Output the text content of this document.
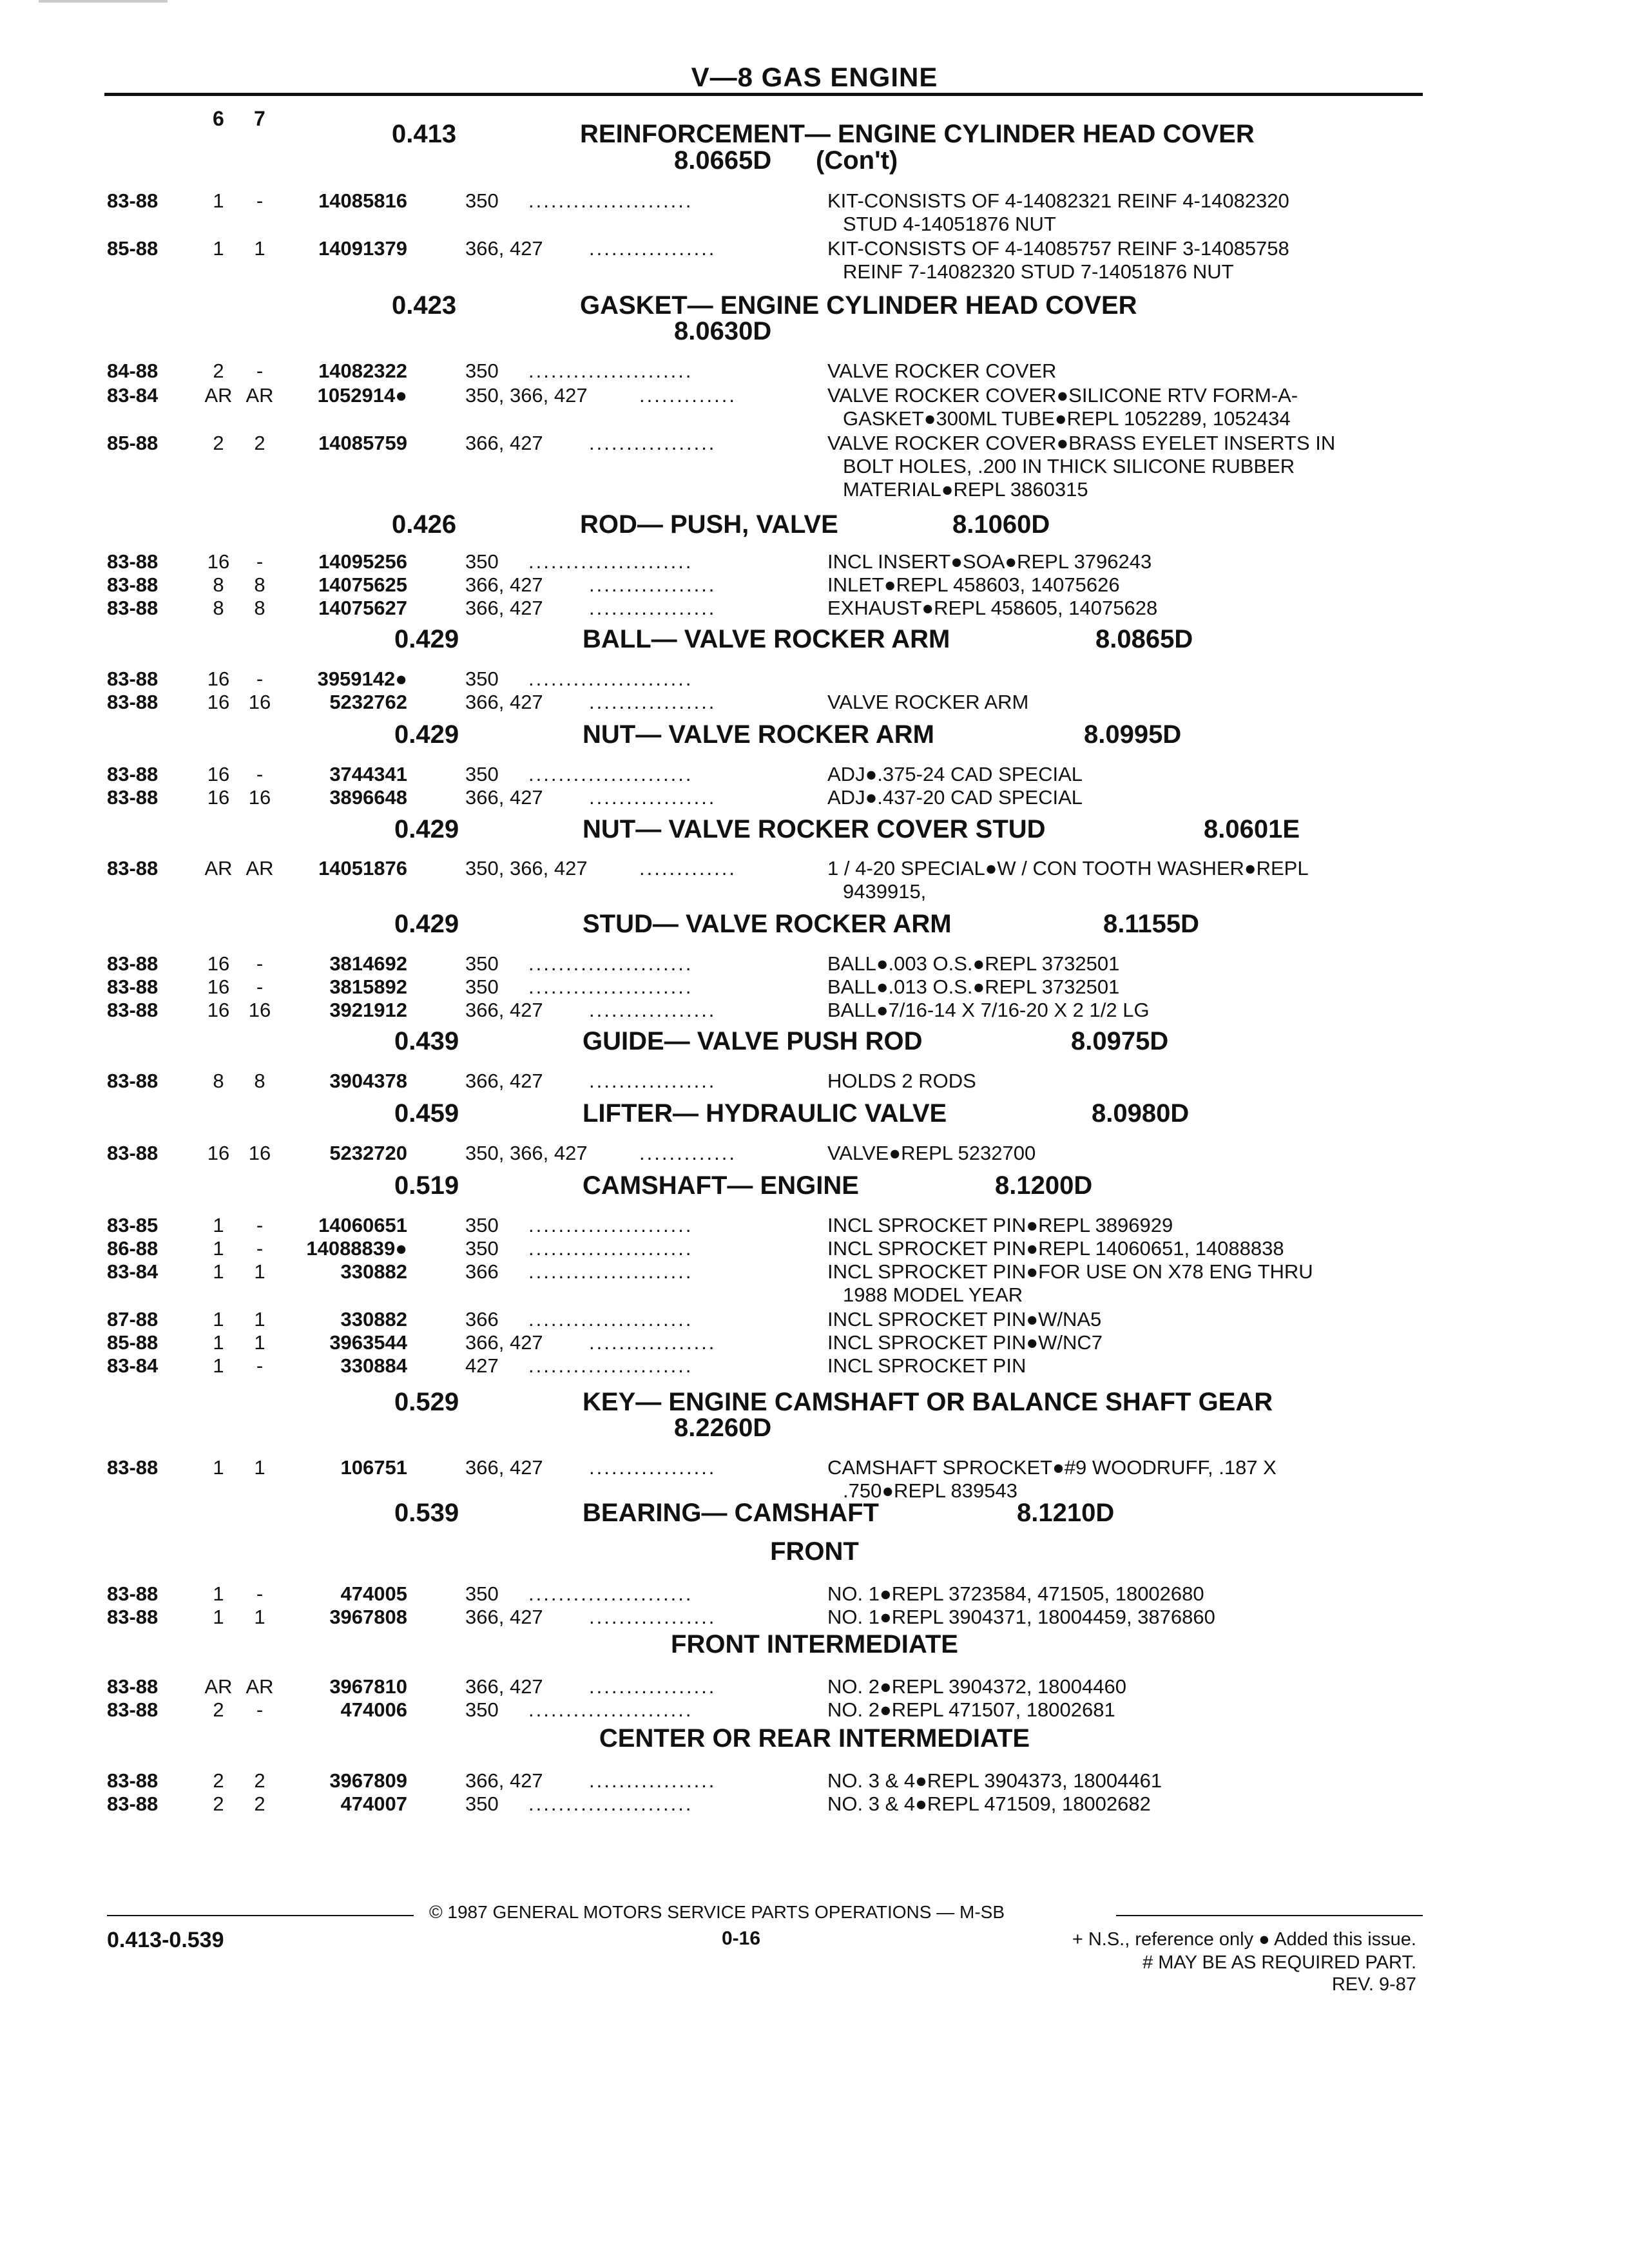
V—8 GAS ENGINE
6 7
0.413	REINFORCEMENT— ENGINE CYLINDER HEAD COVER
8.0665D (Con't)
0.423	GASKET— ENGINE CYLINDER HEAD COVER
8.0630D
0.426	ROD— PUSH, VALVE	8.1060D
0.429	BALL— VALVE ROCKER ARM	8.0865D
0.429	NUT— VALVE ROCKER ARM	8.0995D
0.429	NUT— VALVE ROCKER COVER STUD	8.0601E
0.429	STUD— VALVE ROCKER ARM	8.1155D
0.439	GUIDE— VALVE PUSH ROD	8.0975D
0.459	LIFTER— HYDRAULIC VALVE	8.0980D
0.519	CAMSHAFT— ENGINE	8.1200D
0.529	KEY— ENGINE CAMSHAFT OR BALANCE SHAFT GEAR
8.2260D
0.539	BEARING— CAMSHAFT	8.1210D
FRONT
FRONT INTERMEDIATE
CENTER OR REAR INTERMEDIATE
83-88	1	-	14085816	350 ......................	KIT-CONSISTS OF 4-14082321 REINF 4-14082320
STUD 4-14051876 NUT
85-88	1	1	14091379	366, 427 .................	KIT-CONSISTS OF 4-14085757 REINF 3-14085758
REINF 7-14082320 STUD 7-14051876 NUT
84-88	2	-	14082322	350 ......................	VALVE ROCKER COVER
83-84 AR AR	1052914●	350, 366, 427	.............	VALVE ROCKER COVER●SILICONE RTV FORM-A-
GASKET●300ML TUBE●REPL 1052289, 1052434
85-88	2	2	14085759	366, 427 .................	VALVE ROCKER COVER●BRASS EYELET INSERTS IN
BOLT HOLES, .200 IN THICK SILICONE RUBBER
MATERIAL●REPL 3860315
83-88 16	-	14095256	350 ......................	INCL INSERT●SOA●REPL 3796243
83-88	8	8	14075625	366, 427 .................	INLET●REPL 458603, 14075626
83-88	8	8	14075627	366, 427 .................	EXHAUST●REPL 458605, 14075628
83-88 16	-	3959142●	350 ......................
83-88 16 16	5232762	366, 427 .................	VALVE ROCKER ARM
83-88 16	-	3744341	350 ......................	ADJ●.375-24 CAD SPECIAL
83-88 16 16	3896648	366, 427 .................	ADJ●.437-20 CAD SPECIAL
83-88 AR AR	14051876	350, 366, 427	.............	1 / 4-20 SPECIAL●W / CON TOOTH WASHER●REPL
9439915,
83-88 16	-	3814692	350 ......................	BALL●.003 O.S.●REPL 3732501
83-88 16	-	3815892	350 ......................	BALL●.013 O.S.●REPL 3732501
83-88 16 16	3921912	366, 427 .................	BALL●7/16-14 X 7/16-20 X 2 1/2 LG
83-88	8	8	3904378	366, 427 .................	HOLDS 2 RODS
83-88 16 16	5232720	350, 366, 427	.............	VALVE●REPL 5232700
83-85	1	-	14060651	350 ......................	INCL SPROCKET PIN●REPL 3896929
86-88	1	-	14088839●	350 ......................	INCL SPROCKET PIN●REPL 14060651, 14088838
83-84	1	1	330882	366 ......................	INCL SPROCKET PIN●FOR USE ON X78 ENG THRU
1988 MODEL YEAR
87-88	1	1	330882	366 ......................	INCL SPROCKET PIN●W/NA5
85-88	1	1	3963544	366, 427 .................	INCL SPROCKET PIN●W/NC7
83-84	1	-	330884	427 ......................	INCL SPROCKET PIN
83-88	1	1	106751	366, 427 .................	CAMSHAFT SPROCKET●#9 WOODRUFF, .187 X
.750●REPL 839543
83-88	1	-	474005	350 ......................	NO. 1●REPL 3723584, 471505, 18002680
83-88	1	1	3967808	366, 427 .................	NO. 1●REPL 3904371, 18004459, 3876860
83-88 AR AR	3967810	366, 427 .................	NO. 2●REPL 3904372, 18004460
83-88	2	-	474006	350 ......................	NO. 2●REPL 471507, 18002681
83-88	2	2	3967809	366, 427 .................	NO. 3 & 4●REPL 3904373, 18004461
83-88	2	2	474007	350 ......................	NO. 3 & 4●REPL 471509, 18002682
© 1987 GENERAL MOTORS SERVICE PARTS OPERATIONS — M-SB
0.413-0.539	0-16	+ N.S., reference only ● Added this issue.
# MAY BE AS REQUIRED PART.
REV. 9-87
